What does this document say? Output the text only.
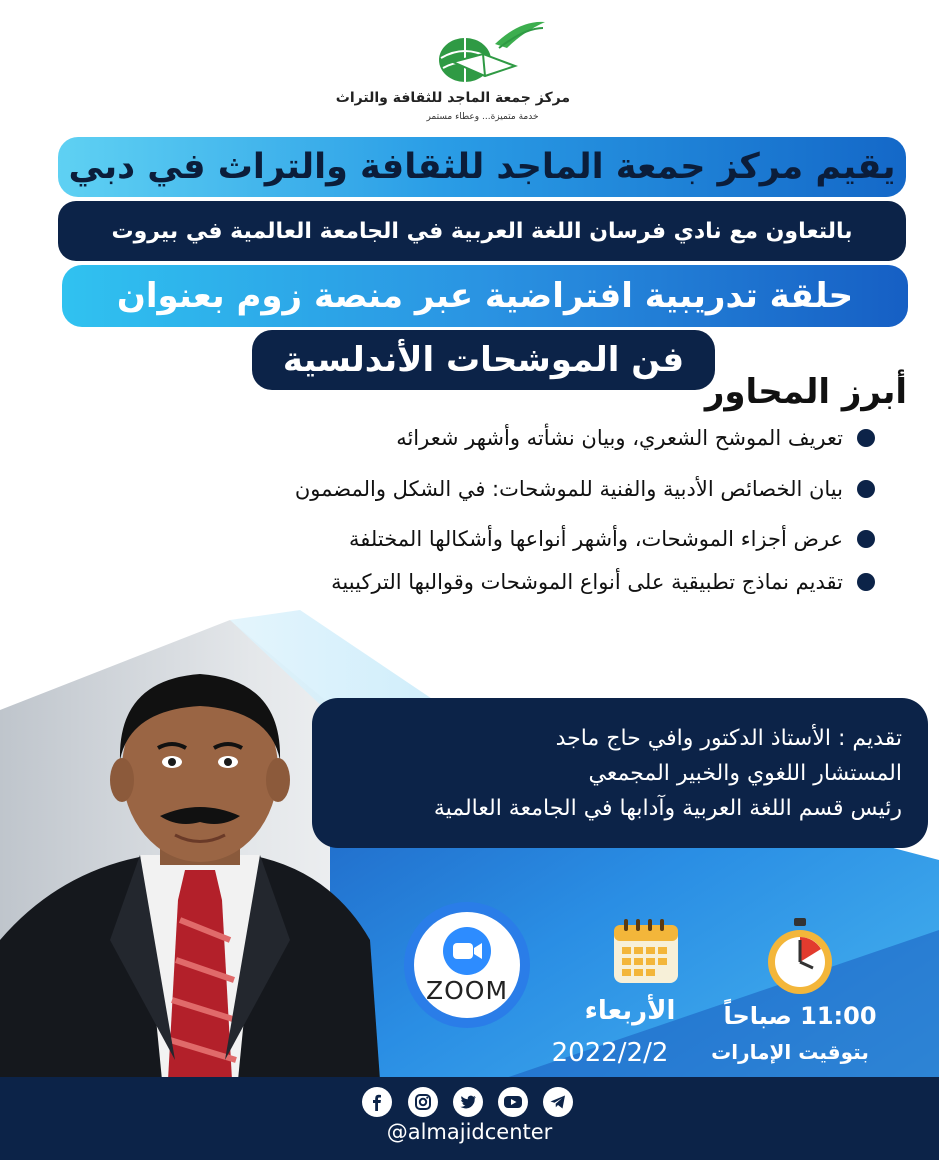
مركز جمعة الماجد للثقافة والتراث
خدمة متميزة... وعطاء مستمر
يقيم مركز جمعة الماجد للثقافة والتراث في دبي
بالتعاون مع نادي فرسان اللغة العربية في الجامعة العالمية في بيروت
حلقة تدريبية افتراضية عبر منصة زوم بعنوان
فن الموشحات الأندلسية
أبرز المحاور
تعريف الموشح الشعري، وبيان نشأته وأشهر شعرائه
بيان الخصائص الأدبية والفنية للموشحات: في الشكل والمضمون
عرض أجزاء الموشحات، وأشهر أنواعها وأشكالها المختلفة
تقديم نماذج تطبيقية على أنواع الموشحات وقوالبها التركيبية
تقديم : الأستاذ الدكتور وافي حاج ماجد
المستشار اللغوي والخبير المجمعي
رئيس قسم اللغة العربية وآدابها في الجامعة العالمية
ZOOM
الأربعاء
2022/2/2
11:00 صباحاً
بتوقيت الإمارات
@almajidcenter
